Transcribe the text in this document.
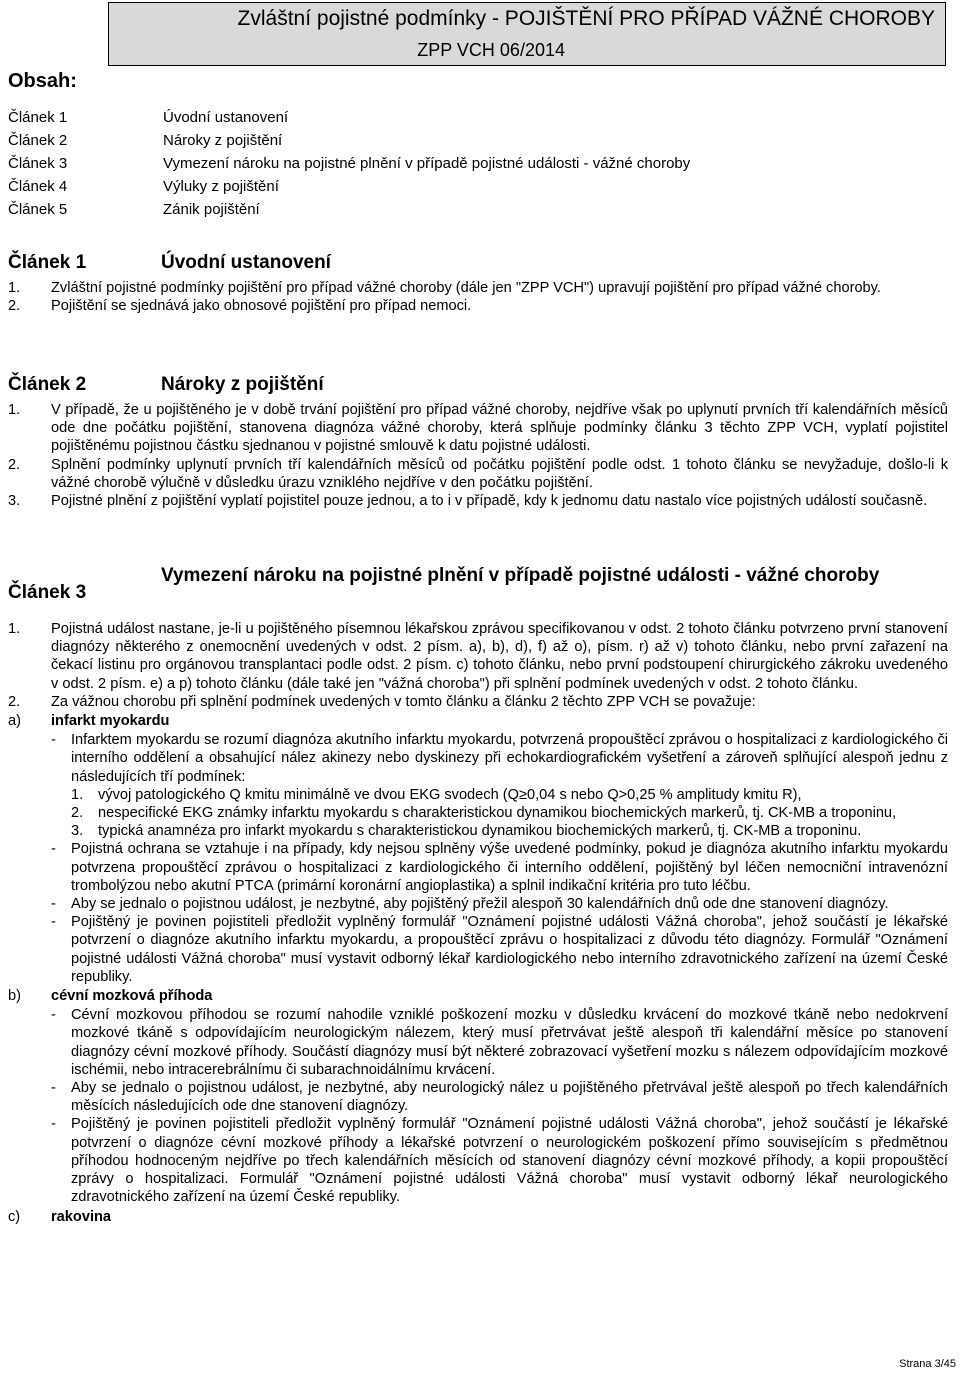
Zvláštní pojistné podmínky - POJIŠTĚNÍ PRO PŘÍPAD VÁŽNÉ CHOROBY
ZPP VCH 06/2014
Obsah:
Článek 1	Úvodní ustanovení
Článek 2	Nároky z pojištění
Článek 3	Vymezení nároku na pojistné plnění v případě pojistné události - vážné choroby
Článek 4	Výluky z pojištění
Článek 5	Zánik pojištění
Článek 1	Úvodní ustanovení
1. Zvláštní pojistné podmínky pojištění pro případ vážné choroby (dále jen "ZPP VCH") upravují pojištění pro případ vážné choroby.
2. Pojištění se sjednává jako obnosové pojištění pro případ nemoci.
Článek 2	Nároky z pojištění
1. V případě, že u pojištěného je v době trvání pojištění pro případ vážné choroby, nejdříve však po uplynutí prvních tří kalendářních měsíců ode dne počátku pojištění, stanovena diagnóza vážné choroby, která splňuje podmínky článku 3 těchto ZPP VCH, vyplatí pojistitel pojištěnému pojistnou částku sjednanou v pojistné smlouvě k datu pojistné události.
2. Splnění podmínky uplynutí prvních tří kalendářních měsíců od počátku pojištění podle odst. 1 tohoto článku se nevyžaduje, došlo-li k vážné chorobě výlučně v důsledku úrazu vzniklého nejdříve v den počátku pojištění.
3. Pojistné plnění z pojištění vyplatí pojistitel pouze jednou, a to i v případě, kdy k jednomu datu nastalo více pojistných událostí současně.
Článek 3
Vymezení nároku na pojistné plnění v případě pojistné události - vážné choroby
1. Pojistná událost nastane, je-li u pojištěného písemnou lékařskou zprávou specifikovanou v odst. 2 tohoto článku potvrzeno první stanovení diagnózy některého z onemocnění uvedených v odst. 2 písm. a), b), d), f) až o), písm. r) až v) tohoto článku, nebo první zařazení na čekací listinu pro orgánovou transplantaci podle odst. 2 písm. c) tohoto článku, nebo první podstoupení chirurgického zákroku uvedeného v odst. 2 písm. e) a p) tohoto článku (dále také jen "vážná choroba") při splnění podmínek uvedených v odst. 2 tohoto článku.
2. Za vážnou chorobu při splnění podmínek uvedených v tomto článku a článku 2 těchto ZPP VCH se považuje:
a) infarkt myokardu
- Infarktem myokardu se rozumí diagnóza akutního infarktu myokardu, potvrzená propouštěcí zprávou o hospitalizaci z kardiologického či interního oddělení a obsahující nález akinezy nebo dyskinezy při echokardiografickém vyšetření a zároveň splňující alespoň jednu z následujících tří podmínek:
1.	vývoj patologického Q kmitu minimálně ve dvou EKG svodech (Q≥0,04 s nebo Q>0,25 % amplitudy kmitu R),
2.	nespecifické EKG známky infarktu myokardu s charakteristickou dynamikou biochemických markerů, tj. CK-MB a troponinu,
3.	typická anamnéza pro infarkt myokardu s charakteristickou dynamikou biochemických markerů, tj. CK-MB a troponinu.
- Pojistná ochrana se vztahuje i na případy, kdy nejsou splněny výše uvedené podmínky, pokud je diagnóza akutního infarktu myokardu potvrzena propouštěcí zprávou o hospitalizaci z kardiologického či interního oddělení, pojištěný byl léčen nemocniční intravenózní trombolýzou nebo akutní PTCA (primární koronární angioplastika) a splnil indikační kritéria pro tuto léčbu.
- Aby se jednalo o pojistnou událost, je nezbytné, aby pojištěný přežil alespoň 30 kalendářních dnů ode dne stanovení diagnózy.
- Pojištěný je povinen pojistiteli předložit vyplněný formulář "Oznámení pojistné události Vážná choroba", jehož součástí je lékařské potvrzení o diagnóze akutního infarktu myokardu, a propouštěcí zprávu o hospitalizaci z důvodu této diagnózy. Formulář "Oznámení pojistné události Vážná choroba" musí vystavit odborný lékař kardiologického nebo interního zdravotnického zařízení na území České republiky.
b) cévní mozková příhoda
- Cévní mozkovou příhodou se rozumí nahodile vzniklé poškození mozku v důsledku krvácení do mozkové tkáně nebo nedokrvení mozkové tkáně s odpovídajícím neurologickým nálezem, který musí přetrvávat ještě alespoň tři kalendářní měsíce po stanovení diagnózy cévní mozkové příhody. Součástí diagnózy musí být některé zobrazovací vyšetření mozku s nálezem odpovídajícím mozkové ischémii, nebo intracerebrálnímu či subarachnoidálnímu krvácení.
- Aby se jednalo o pojistnou událost, je nezbytné, aby neurologický nález u pojištěného přetrvával ještě alespoň po třech kalendářních měsících následujících ode dne stanovení diagnózy.
- Pojištěný je povinen pojistiteli předložit vyplněný formulář "Oznámení pojistné události Vážná choroba", jehož součástí je lékařské potvrzení o diagnóze cévní mozkové příhody a lékařské potvrzení o neurologickém poškození přímo souvisejícím s předmětnou příhodou hodnoceným nejdříve po třech kalendářních měsících od stanovení diagnózy cévní mozkové příhody, a kopii propouštěcí zprávy o hospitalizaci. Formulář "Oznámení pojistné události Vážná choroba" musí vystavit odborný lékař neurologického zdravotnického zařízení na území České republiky.
c) rakovina
Strana 3/45
